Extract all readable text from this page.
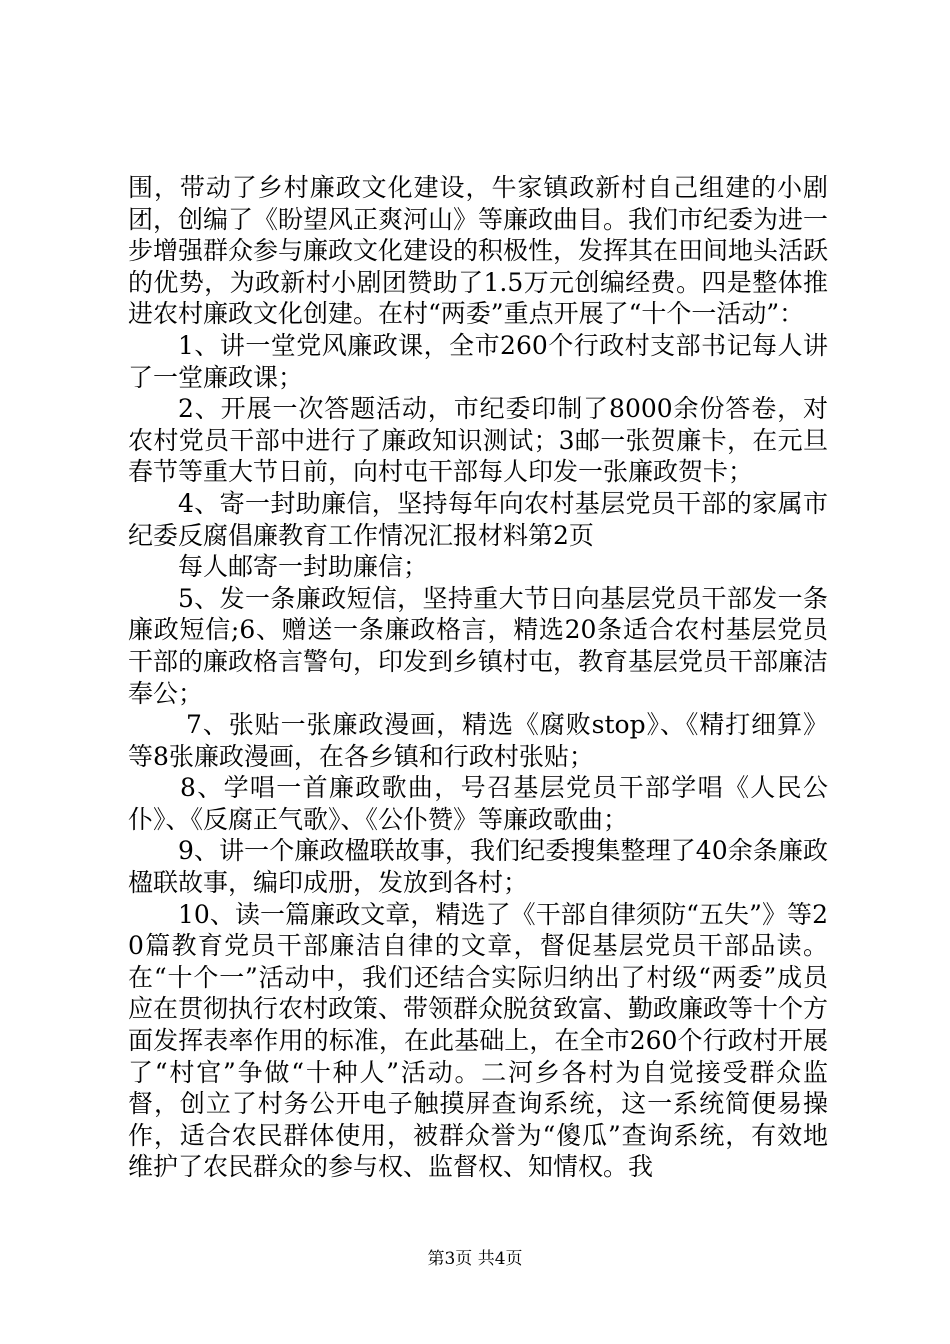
围，带动了乡村廉政文化建设，牛家镇政新村自己组建的小剧团，创编了《盼望风正爽河山》等廉政曲目。我们市纪委为进一步增强群众参与廉政文化建设的积极性，发挥其在田间地头活跃的优势，为政新村小剧团赞助了1.5万元创编经费。四是整体推进农村廉政文化创建。在村“两委”重点开展了“十个一活动”：

1、讲一堂党风廉政课，全市260个行政村支部书记每人讲了一堂廉政课；

2、开展一次答题活动，市纪委印制了8000余份答卷，对农村党员干部中进行了廉政知识测试；3邮一张贺廉卡，在元旦春节等重大节日前，向村屯干部每人印发一张廉政贺卡；

4、寄一封助廉信，坚持每年向农村基层党员干部的家属市纪委反腐倡廉教育工作情况汇报材料第2页

每人邮寄一封助廉信；

5、发一条廉政短信，坚持重大节日向基层党员干部发一条廉政短信;6、赠送一条廉政格言，精选20条适合农村基层党员干部的廉政格言警句，印发到乡镇村屯，教育基层党员干部廉洁奉公；

7、张贴一张廉政漫画，精选《腐败stop》、《精打细算》等8张廉政漫画，在各乡镇和行政村张贴；

8、学唱一首廉政歌曲，号召基层党员干部学唱《人民公仆》、《反腐正气歌》、《公仆赞》等廉政歌曲；

9、讲一个廉政楹联故事，我们纪委搜集整理了40余条廉政楹联故事，编印成册，发放到各村；

10、读一篇廉政文章，精选了《干部自律须防“五失”》等20篇教育党员干部廉洁自律的文章，督促基层党员干部品读。在“十个一”活动中，我们还结合实际归纳出了村级“两委”成员应在贯彻执行农村政策、带领群众脱贫致富、勤政廉政等十个方面发挥表率作用的标准，在此基础上，在全市260个行政村开展了“村官”争做“十种人”活动。二河乡各村为自觉接受群众监督，创立了村务公开电子触摸屏查询系统，这一系统简便易操作，适合农民群体使用，被群众誉为“傻瓜”查询系统，有效地维护了农民群众的参与权、监督权、知情权。我

第3页 共4页
